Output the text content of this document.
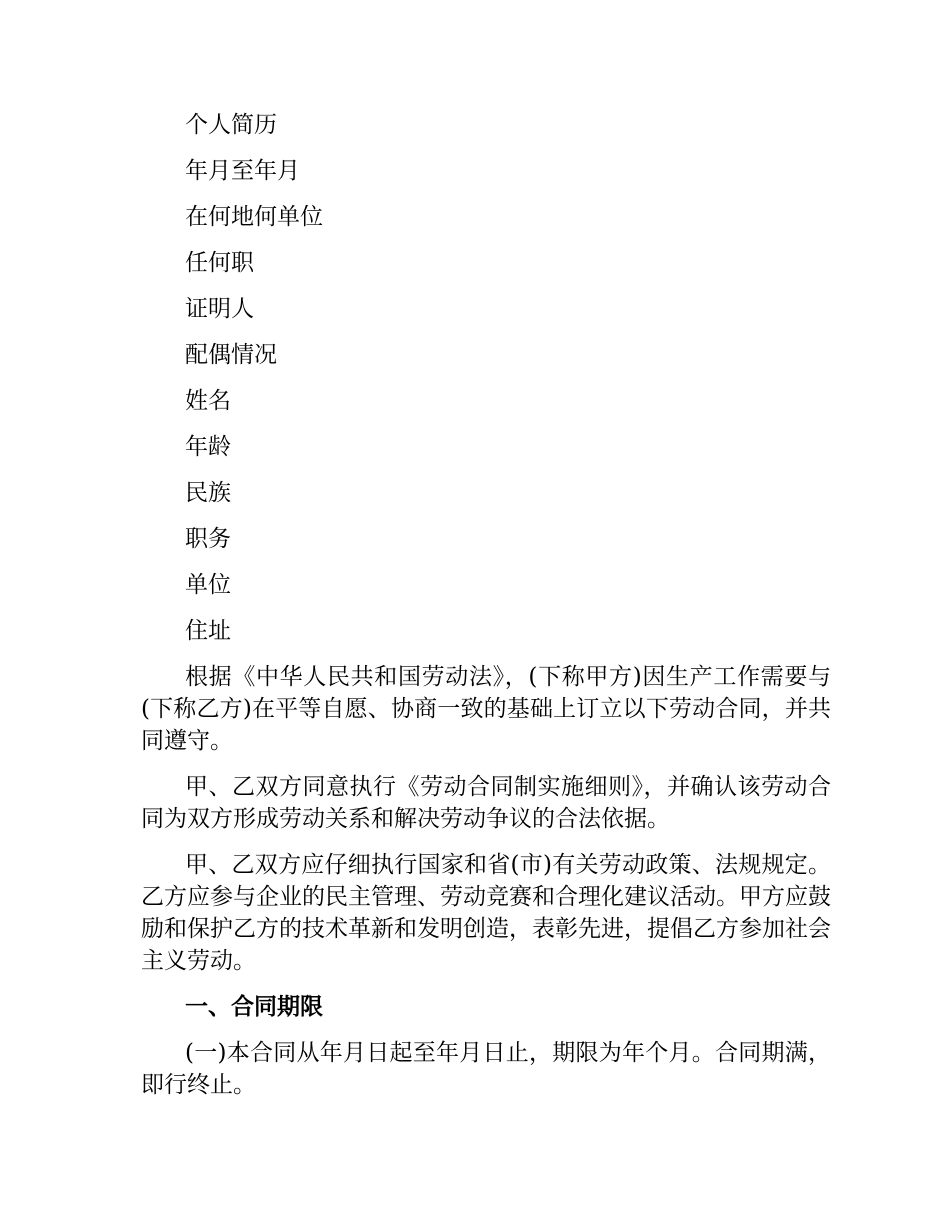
个人简历
年月至年月
在何地何单位
任何职
证明人
配偶情况
姓名
年龄
民族
职务
单位
住址

根据《中华人民共和国劳动法》，(下称甲方)因生产工作需要与(下称乙方)在平等自愿、协商一致的基础上订立以下劳动合同，并共同遵守。

甲、乙双方同意执行《劳动合同制实施细则》，并确认该劳动合同为双方形成劳动关系和解决劳动争议的合法依据。

甲、乙双方应仔细执行国家和省(市)有关劳动政策、法规规定。乙方应参与企业的民主管理、劳动竞赛和合理化建议活动。甲方应鼓励和保护乙方的技术革新和发明创造，表彰先进，提倡乙方参加社会主义劳动。

一、合同期限

(一)本合同从年月日起至年月日止，期限为年个月。合同期满，即行终止。
